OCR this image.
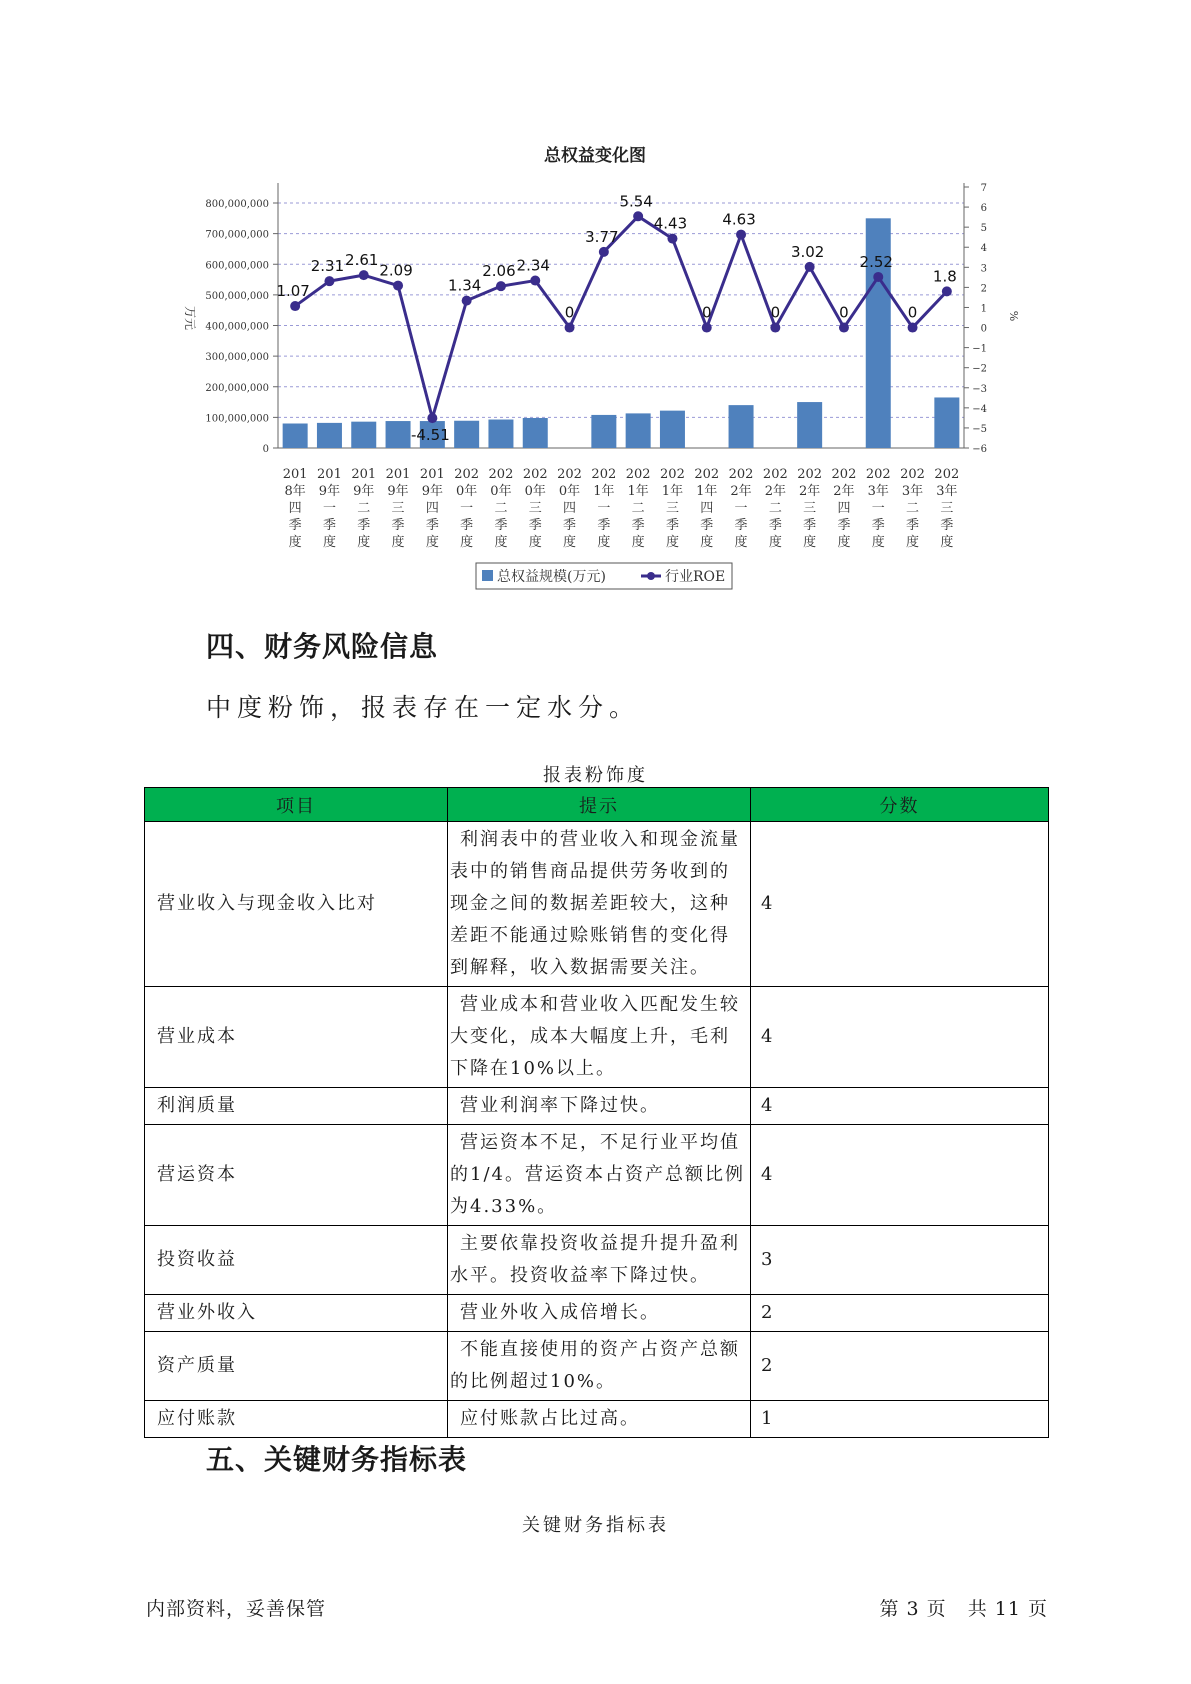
总权益变化图
800,000,000
700,000,000
600,000,000
500,000,000
400,000,000
300,000,000
200,000,000
100,000,000
0
7
6
5
4
3
2
1
0
−1
−2
−3
−4
−5
−6
万元	%
1.07
2.31 2.61
2.09
-4.51
1.34
2.06 2.34
0
3.77
5.54
4.43
0
4.63
0
3.02
0
2.52
0
1.8
201 8年四季度
201 9年一季度
201 9年二季度
201 9年三季度
201 9年四季度
202 0年一季度
202 0年二季度
202 0年三季度
202 0年四季度
202 1年一季度
202 1年二季度
202 1年三季度
202 1年四季度
202 2年一季度
202 2年二季度
202 2年三季度
202 2年四季度
202 3年一季度
202 3年二季度
202 3年三季度
总权益规模(万元)	行业ROE
四、财务风险信息

中度粉饰，报表存在一定水分。

报表粉饰度
项目	提示	分数
营业收入与现金收入比对	利润表中的营业收入和现金流量表中的销售商品提供劳务收到的现金之间的数据差距较大，这种差距不能通过赊账销售的变化得到解释，收入数据需要关注。	4
营业成本	营业成本和营业收入匹配发生较大变化，成本大幅度上升，毛利下降在10%以上。	4
利润质量	营业利润率下降过快。	4
营运资本	营运资本不足，不足行业平均值的1/4。营运资本占资产总额比例为4.33%。	4
投资收益	主要依靠投资收益提升提升盈利水平。投资收益率下降过快。	3
营业外收入	营业外收入成倍增长。	2
资产质量	不能直接使用的资产占资产总额的比例超过10%。	2
应付账款	应付账款占比过高。	1
五、关键财务指标表
关键财务指标表
内部资料，妥善保管	第 3 页   共 11 页
